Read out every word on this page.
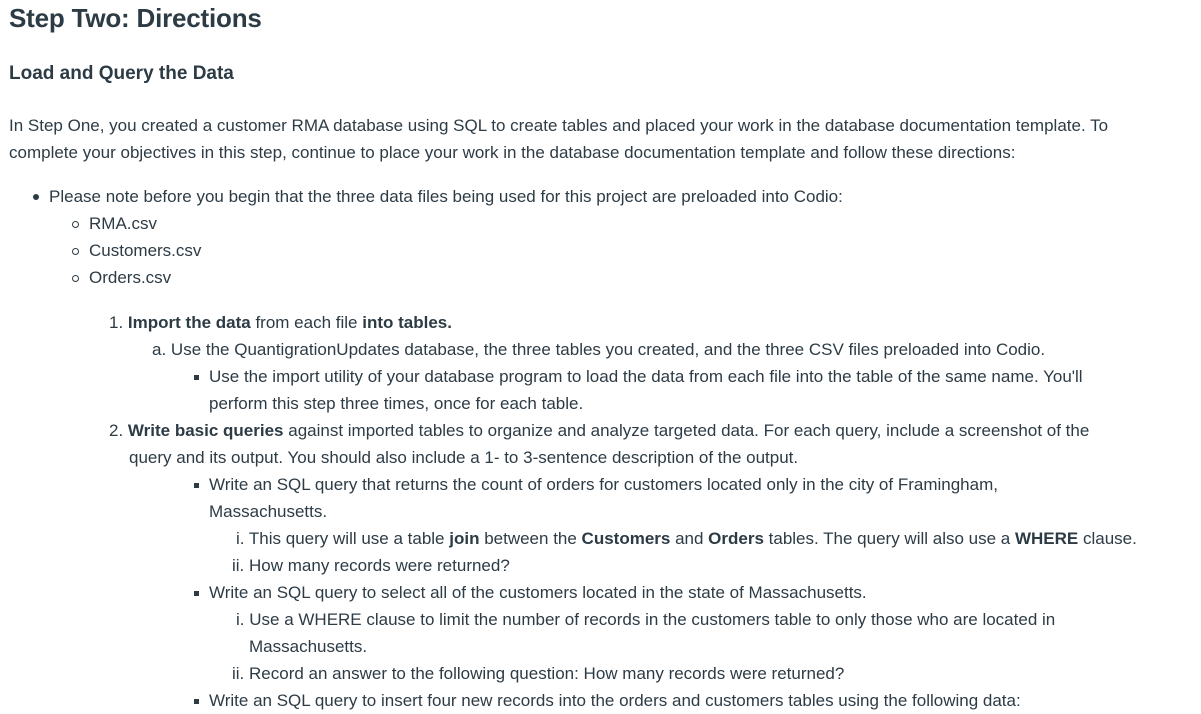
Step Two: Directions
Load and Query the Data

In Step One, you created a customer RMA database using SQL to create tables and placed your work in the database documentation template. To complete your objectives in this step, continue to place your work in the database documentation template and follow these directions:

Please note before you begin that the three data files being used for this project are preloaded into Codio:
RMA.csv
Customers.csv
Orders.csv
1. Import the data from each file into tables.
a. Use the QuantigrationUpdates database, the three tables you created, and the three CSV files preloaded into Codio.
Use the import utility of your database program to load the data from each file into the table of the same name. You'll
perform this step three times, once for each table.
2. Write basic queries against imported tables to organize and analyze targeted data. For each query, include a screenshot of the
query and its output. You should also include a 1- to 3-sentence description of the output.
Write an SQL query that returns the count of orders for customers located only in the city of Framingham,
Massachusetts.
i. This query will use a table join between the Customers and Orders tables. The query will also use a WHERE clause.
ii. How many records were returned?
Write an SQL query to select all of the customers located in the state of Massachusetts.
i. Use a WHERE clause to limit the number of records in the customers table to only those who are located in
Massachusetts.
ii. Record an answer to the following question: How many records were returned?
Write an SQL query to insert four new records into the orders and customers tables using the following data:
